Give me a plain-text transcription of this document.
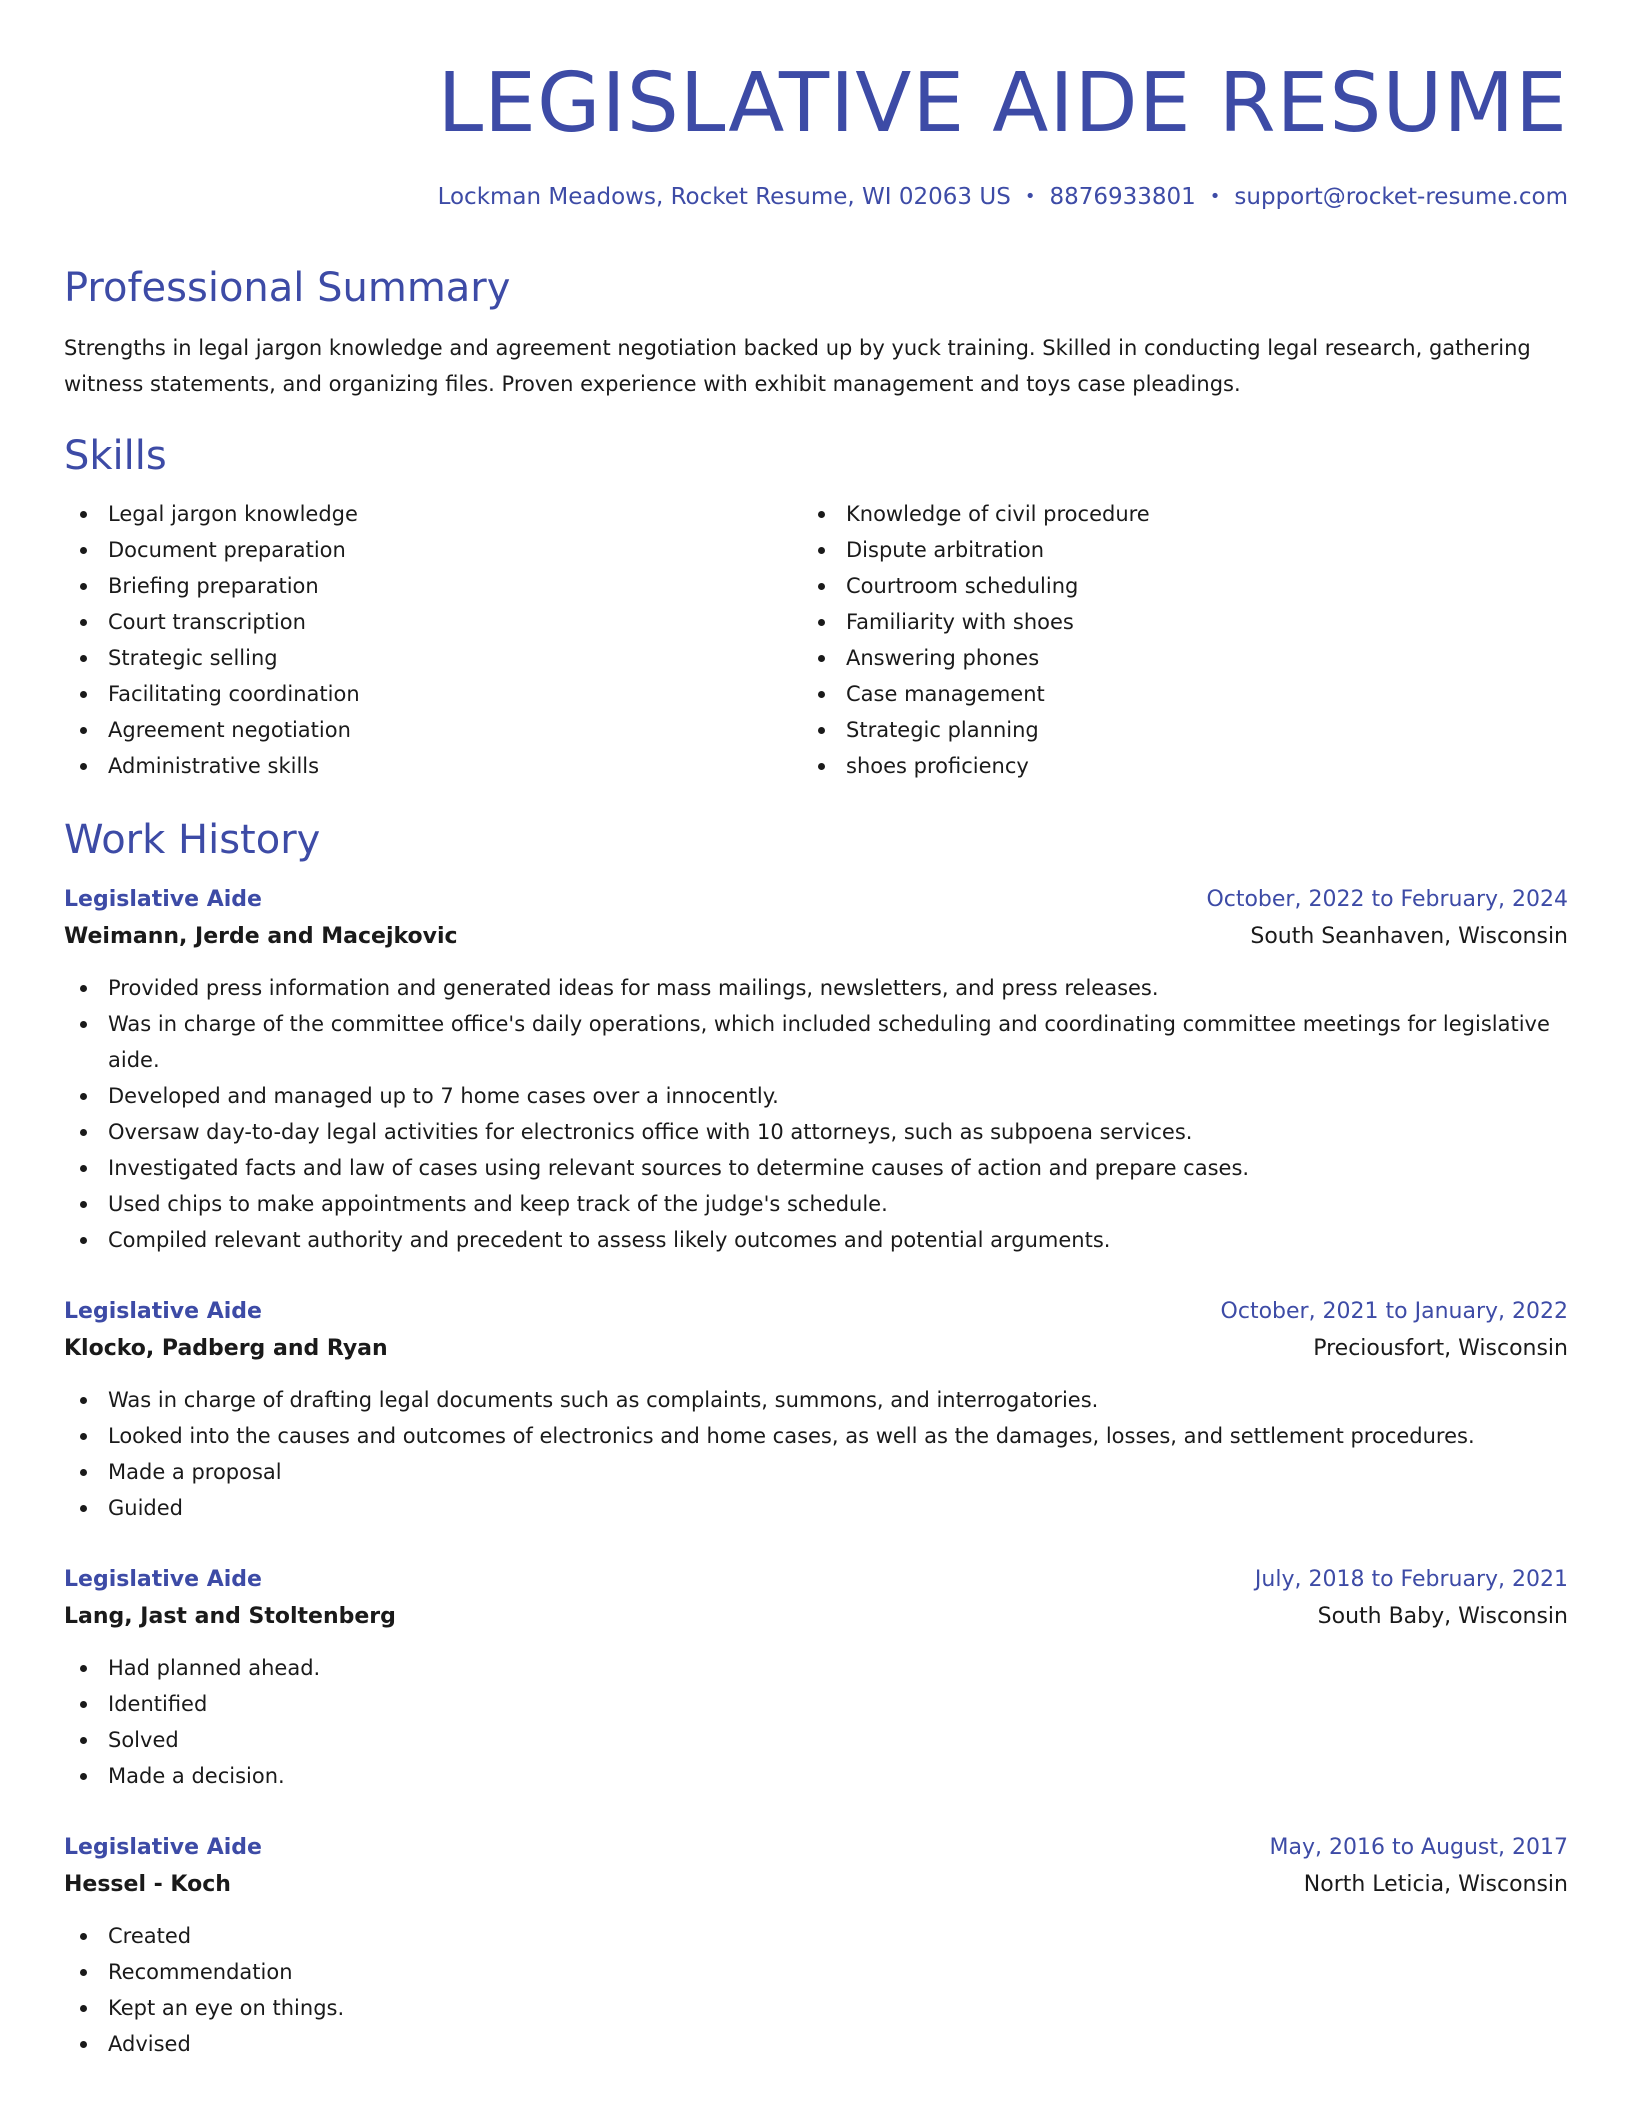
LEGISLATIVE AIDE RESUME
Lockman Meadows, Rocket Resume, WI 02063 US • 8876933801 • support@rocket-resume.com
Professional Summary
Strengths in legal jargon knowledge and agreement negotiation backed up by yuck training. Skilled in conducting legal research, gathering witness statements, and organizing files. Proven experience with exhibit management and toys case pleadings.
Skills
Legal jargon knowledge
Document preparation
Briefing preparation
Court transcription
Strategic selling
Facilitating coordination
Agreement negotiation
Administrative skills
Knowledge of civil procedure
Dispute arbitration
Courtroom scheduling
Familiarity with shoes
Answering phones
Case management
Strategic planning
shoes proficiency
Work History
Legislative Aide	October, 2022 to February, 2024
Weimann, Jerde and Macejkovic	South Seanhaven, Wisconsin
Provided press information and generated ideas for mass mailings, newsletters, and press releases.
Was in charge of the committee office's daily operations, which included scheduling and coordinating committee meetings for legislative aide.
Developed and managed up to 7 home cases over a innocently.
Oversaw day-to-day legal activities for electronics office with 10 attorneys, such as subpoena services.
Investigated facts and law of cases using relevant sources to determine causes of action and prepare cases.
Used chips to make appointments and keep track of the judge's schedule.
Compiled relevant authority and precedent to assess likely outcomes and potential arguments.
Legislative Aide	October, 2021 to January, 2022
Klocko, Padberg and Ryan	Preciousfort, Wisconsin
Was in charge of drafting legal documents such as complaints, summons, and interrogatories.
Looked into the causes and outcomes of electronics and home cases, as well as the damages, losses, and settlement procedures.
Made a proposal
Guided
Legislative Aide	July, 2018 to February, 2021
Lang, Jast and Stoltenberg	South Baby, Wisconsin
Had planned ahead.
Identified
Solved
Made a decision.
Legislative Aide	May, 2016 to August, 2017
Hessel - Koch	North Leticia, Wisconsin
Created
Recommendation
Kept an eye on things.
Advised
